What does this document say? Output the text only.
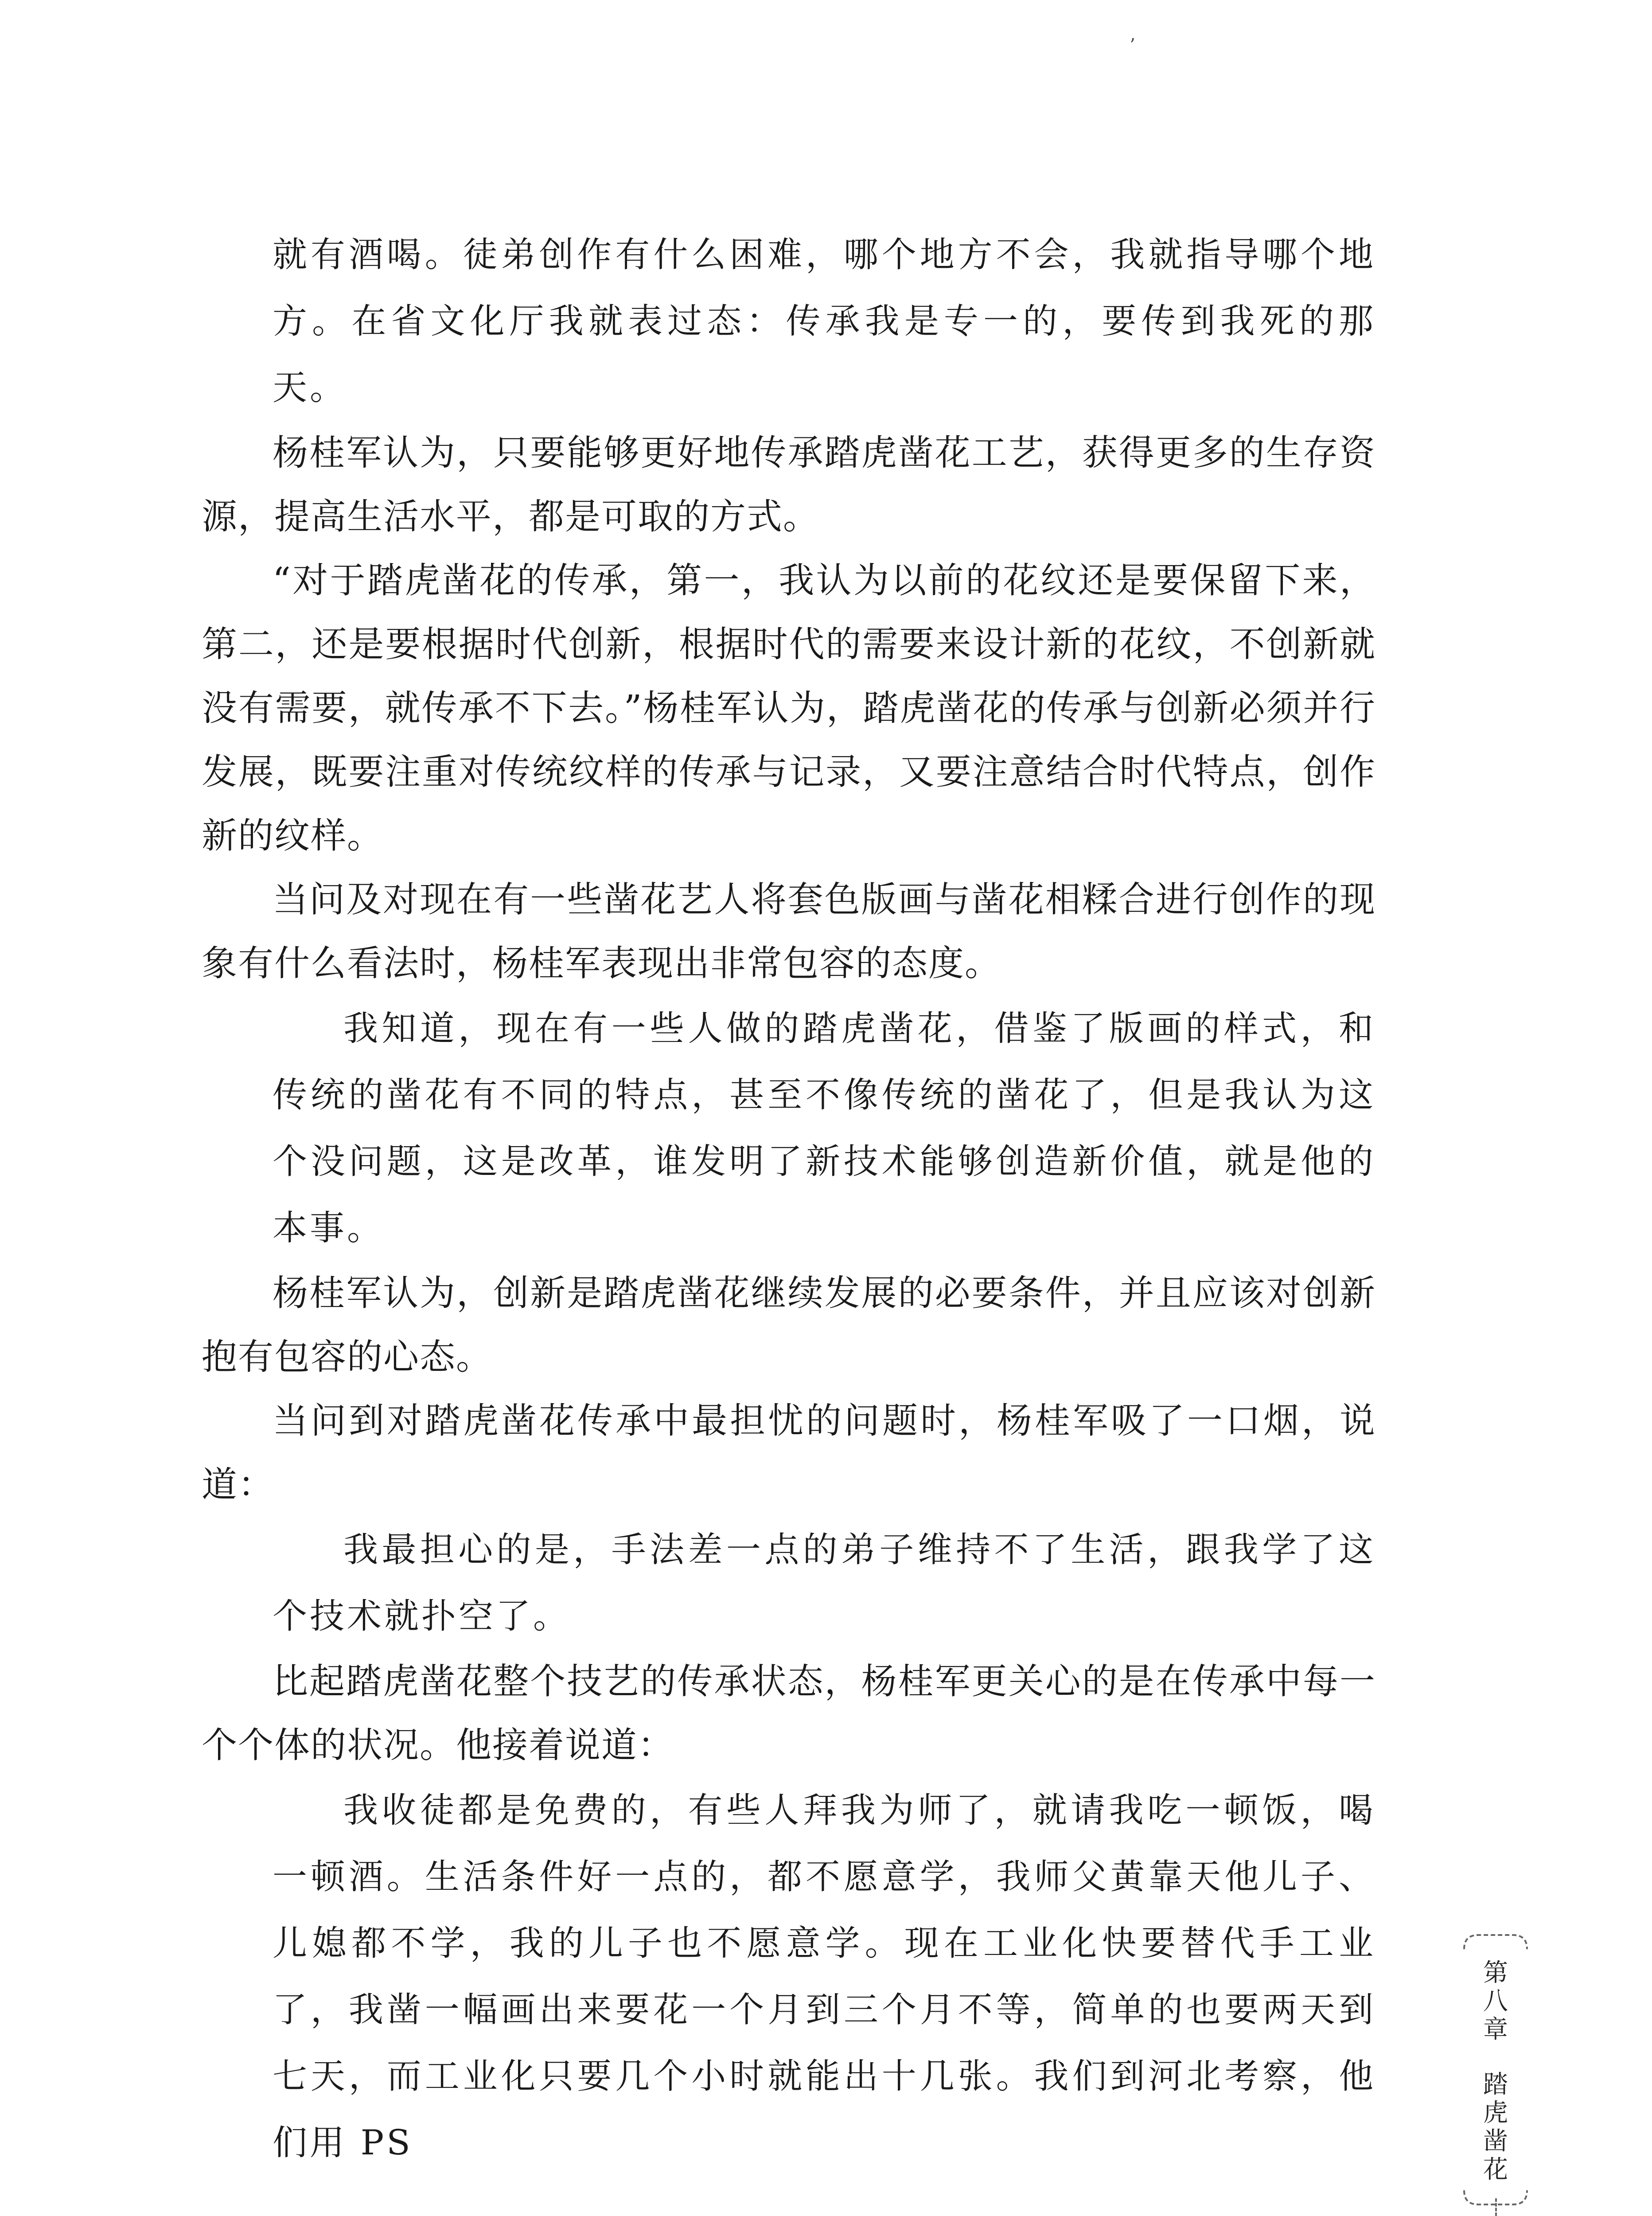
ʼ

就有酒喝。徒弟创作有什么困难，哪个地方不会，我就指导哪个地方。在省文化厅我就表过态：传承我是专一的，要传到我死的那天。

杨桂军认为，只要能够更好地传承踏虎凿花工艺，获得更多的生存资源，提高生活水平，都是可取的方式。

“对于踏虎凿花的传承，第一，我认为以前的花纹还是要保留下来，第二，还是要根据时代创新，根据时代的需要来设计新的花纹，不创新就没有需要，就传承不下去。”杨桂军认为，踏虎凿花的传承与创新必须并行发展，既要注重对传统纹样的传承与记录，又要注意结合时代特点，创作新的纹样。

当问及对现在有一些凿花艺人将套色版画与凿花相糅合进行创作的现象有什么看法时，杨桂军表现出非常包容的态度。

我知道，现在有一些人做的踏虎凿花，借鉴了版画的样式，和传统的凿花有不同的特点，甚至不像传统的凿花了，但是我认为这个没问题，这是改革，谁发明了新技术能够创造新价值，就是他的本事。

杨桂军认为，创新是踏虎凿花继续发展的必要条件，并且应该对创新抱有包容的心态。

当问到对踏虎凿花传承中最担忧的问题时，杨桂军吸了一口烟，说道：

我最担心的是，手法差一点的弟子维持不了生活，跟我学了这个技术就扑空了。

比起踏虎凿花整个技艺的传承状态，杨桂军更关心的是在传承中每一个个体的状况。他接着说道：

我收徒都是免费的，有些人拜我为师了，就请我吃一顿饭，喝一顿酒。生活条件好一点的，都不愿意学，我师父黄靠天他儿子、儿媳都不学，我的儿子也不愿意学。现在工业化快要替代手工业了，我凿一幅画出来要花一个月到三个月不等，简单的也要两天到七天，而工业化只要几个小时就能出十几张。我们到河北考察，他们用 PS

第
八
章
踏
虎
凿
花
